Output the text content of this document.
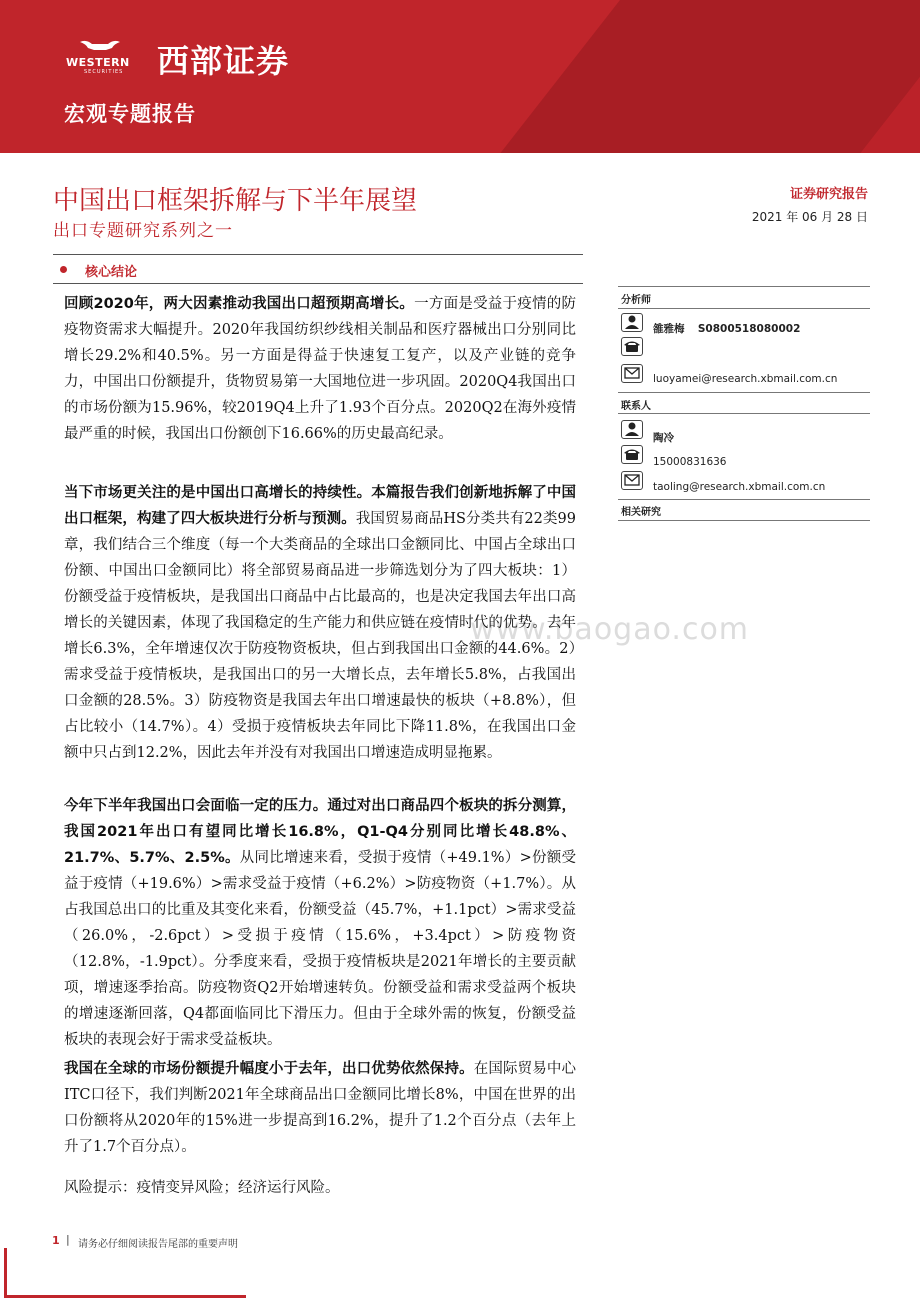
WESTERN
SECURITIES 西部证券
宏观专题报告
中国出口框架拆解与下半年展望
出口专题研究系列之一
证券研究报告
2021 年 06 月 28 日
核心结论
www.baogao.com
回顾2020年，两大因素推动我国出口超预期高增长。一方面是受益于疫情的防疫物资需求大幅提升。2020年我国纺织纱线相关制品和医疗器械出口分别同比增长29.2%和40.5%。另一方面是得益于快速复工复产，以及产业链的竞争力，中国出口份额提升，货物贸易第一大国地位进一步巩固。2020Q4我国出口的市场份额为15.96%，较2019Q4上升了1.93个百分点。2020Q2在海外疫情最严重的时候，我国出口份额创下16.66%的历史最高纪录。
当下市场更关注的是中国出口高增长的持续性。本篇报告我们创新地拆解了中国出口框架，构建了四大板块进行分析与预测。我国贸易商品HS分类共有22类99章，我们结合三个维度（每一个大类商品的全球出口金额同比、中国占全球出口份额、中国出口金额同比）将全部贸易商品进一步筛选划分为了四大板块：1）份额受益于疫情板块，是我国出口商品中占比最高的，也是决定我国去年出口高增长的关键因素，体现了我国稳定的生产能力和供应链在疫情时代的优势。去年增长6.3%，全年增速仅次于防疫物资板块，但占到我国出口金额的44.6%。2）需求受益于疫情板块，是我国出口的另一大增长点，去年增长5.8%，占我国出口金额的28.5%。3）防疫物资是我国去年出口增速最快的板块（+8.8%），但占比较小（14.7%）。4）受损于疫情板块去年同比下降11.8%，在我国出口金额中只占到12.2%，因此去年并没有对我国出口增速造成明显拖累。
今年下半年我国出口会面临一定的压力。通过对出口商品四个板块的拆分测算，我国2021年出口有望同比增长16.8%，Q1-Q4分别同比增长48.8%、21.7%、5.7%、2.5%。从同比增速来看，受损于疫情（+49.1%）>份额受益于疫情（+19.6%）>需求受益于疫情（+6.2%）>防疫物资（+1.7%）。从占我国总出口的比重及其变化来看，份额受益（45.7%，+1.1pct）>需求受益（26.0%，-2.6pct）>受损于疫情（15.6%，+3.4pct）>防疫物资（12.8%，-1.9pct）。分季度来看，受损于疫情板块是2021年增长的主要贡献项，增速逐季抬高。防疫物资Q2开始增速转负。份额受益和需求受益两个板块的增速逐渐回落，Q4都面临同比下滑压力。但由于全球外需的恢复，份额受益板块的表现会好于需求受益板块。
我国在全球的市场份额提升幅度小于去年，出口优势依然保持。在国际贸易中心ITC口径下，我们判断2021年全球商品出口金额同比增长8%，中国在世界的出口份额将从2020年的15%进一步提高到16.2%，提升了1.2个百分点（去年上升了1.7个百分点）。
风险提示：疫情变异风险；经济运行风险。
分析师
雒雅梅 S0800518080002
luoyamei@research.xbmail.com.cn
联系人
陶冷
15000831636
taoling@research.xbmail.com.cn
相关研究
1 | 请务必仔细阅读报告尾部的重要声明
